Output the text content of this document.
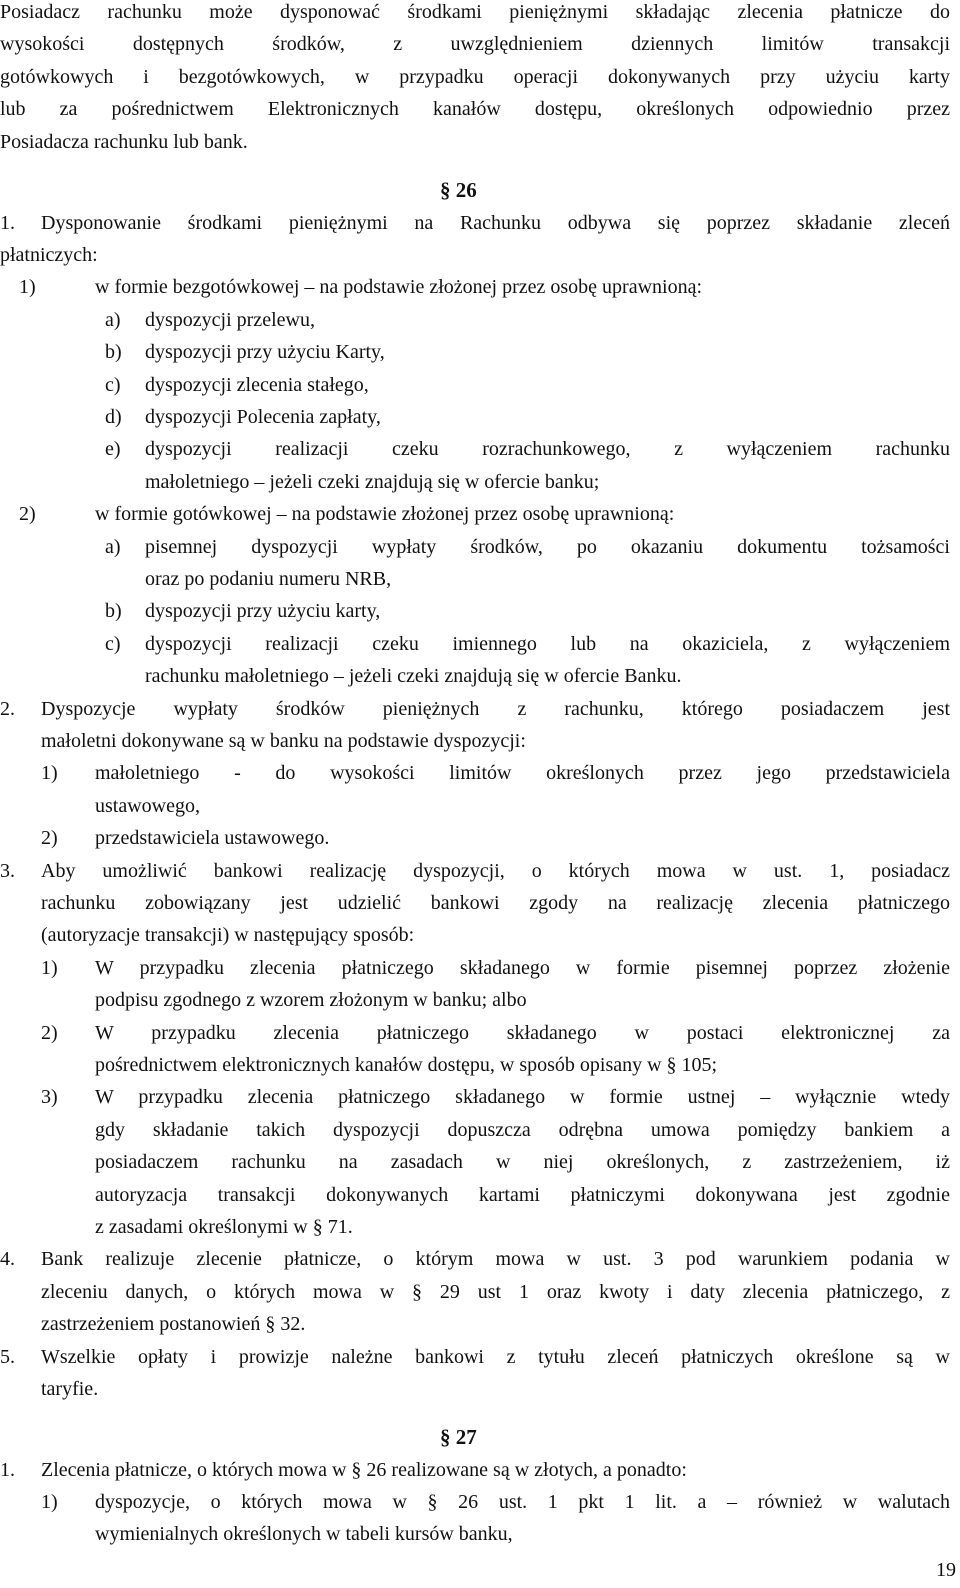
Posiadacz rachunku może dysponować środkami pieniężnymi składając zlecenia płatnicze do
wysokości dostępnych środków, z uwzględnieniem dziennych limitów transakcji
gotówkowych i bezgotówkowych, w przypadku operacji dokonywanych przy użyciu karty
lub za pośrednictwem Elektronicznych kanałów dostępu, określonych odpowiednio przez
Posiadacza rachunku lub bank.
§ 26
1.	Dysponowanie środkami pieniężnymi na Rachunku odbywa się poprzez składanie zleceń
płatniczych:
1)	w formie bezgotówkowej – na podstawie złożonej przez osobę uprawnioną:
a)	dyspozycji przelewu,
b)	dyspozycji przy użyciu Karty,
c)	dyspozycji zlecenia stałego,
d)	dyspozycji Polecenia zapłaty,
e)	dyspozycji realizacji czeku rozrachunkowego, z wyłączeniem rachunku
małoletniego – jeżeli czeki znajdują się w ofercie banku;
2)	w formie gotówkowej – na podstawie złożonej przez osobę uprawnioną:
a)	pisemnej dyspozycji wypłaty środków, po okazaniu dokumentu tożsamości
oraz po podaniu numeru NRB,
b)	dyspozycji przy użyciu karty,
c)	dyspozycji realizacji czeku imiennego lub na okaziciela, z wyłączeniem
rachunku małoletniego – jeżeli czeki znajdują się w ofercie Banku.
2.	Dyspozycje wypłaty środków pieniężnych z rachunku, którego posiadaczem jest
małoletni dokonywane są w banku na podstawie dyspozycji:
1)	małoletniego - do wysokości limitów określonych przez jego przedstawiciela
ustawowego,
2)	przedstawiciela ustawowego.
3.	Aby umożliwić bankowi realizację dyspozycji, o których mowa w ust. 1, posiadacz
rachunku zobowiązany jest udzielić bankowi zgody na realizację zlecenia płatniczego
(autoryzacje transakcji) w następujący sposób:
1)	W przypadku zlecenia płatniczego składanego w formie pisemnej poprzez złożenie
podpisu zgodnego z wzorem złożonym w banku; albo
2)	W przypadku zlecenia płatniczego składanego w postaci elektronicznej za
pośrednictwem elektronicznych kanałów dostępu, w sposób opisany w § 105;
3)	W przypadku zlecenia płatniczego składanego w formie ustnej – wyłącznie wtedy
gdy składanie takich dyspozycji dopuszcza odrębna umowa pomiędzy bankiem a
posiadaczem rachunku na zasadach w niej określonych, z zastrzeżeniem, iż
autoryzacja transakcji dokonywanych kartami płatniczymi dokonywana jest zgodnie
z zasadami określonymi w § 71.
4.	Bank realizuje zlecenie płatnicze, o którym mowa w ust. 3 pod warunkiem podania w
zleceniu danych, o których mowa w § 29 ust 1 oraz kwoty i daty zlecenia płatniczego, z
zastrzeżeniem postanowień § 32.
5.	Wszelkie opłaty i prowizje należne bankowi z tytułu zleceń płatniczych określone są w
taryfie.
§ 27
1.	Zlecenia płatnicze, o których mowa w § 26 realizowane są w złotych, a ponadto:
1)	dyspozycje, o których mowa w § 26 ust. 1 pkt 1 lit. a – również w walutach
wymienialnych określonych w tabeli kursów banku,
19
